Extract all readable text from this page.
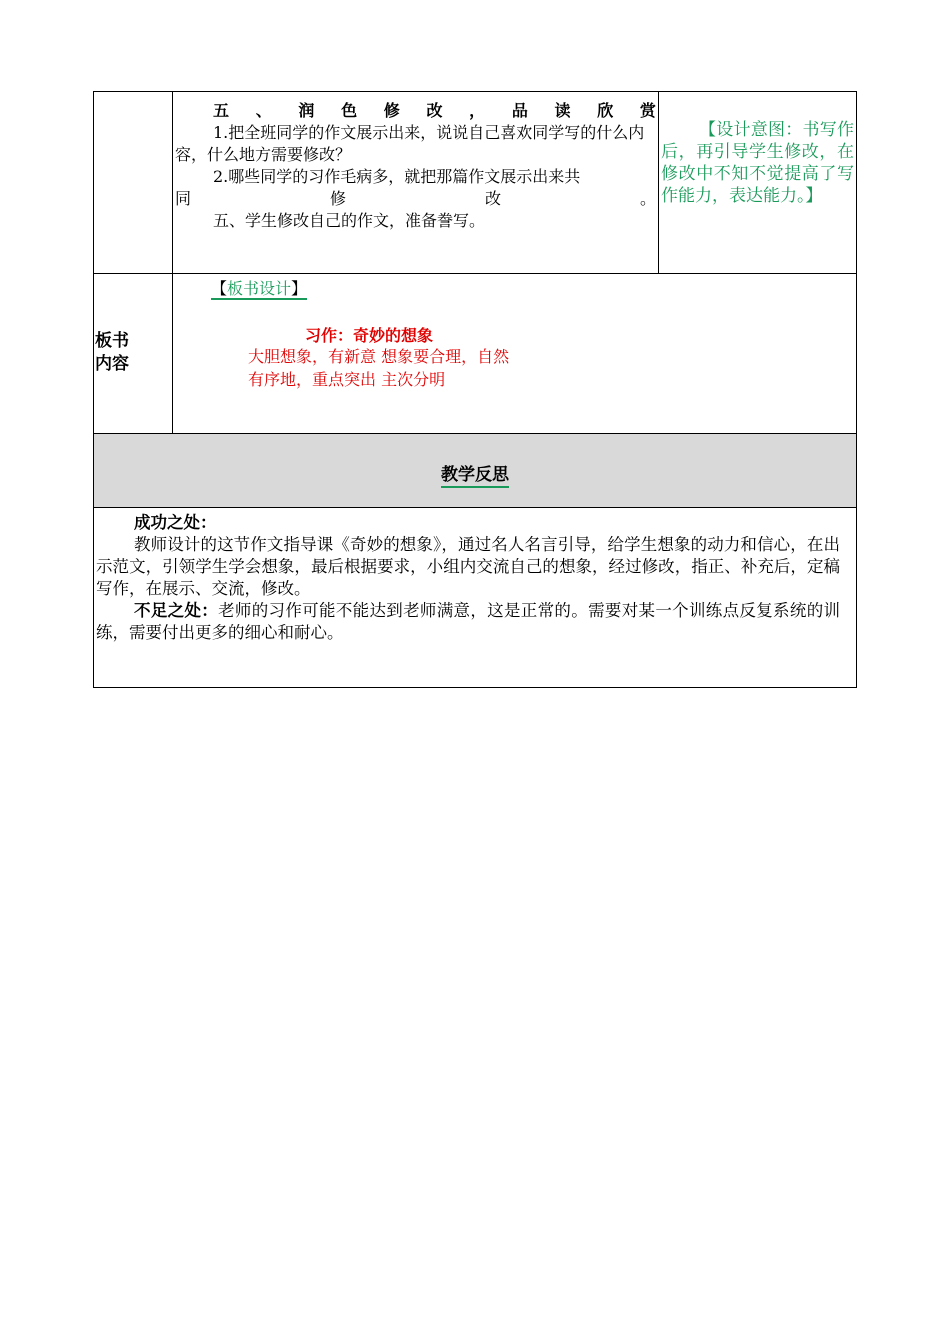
五 、 润 色 修 改 ， 品 读 欣 赏
1.把全班同学的作文展示出来，说说自己喜欢同学写的什么内容，什么地方需要修改？
2.哪些同学的习作毛病多，就把那篇作文展示出来共
同	修	改	。
五、学生修改自己的作文，准备誊写。
【设计意图：书写作后，再引导学生修改，在修改中不知不觉提高了写作能力，表达能力。】
板书
内容
【板书设计】
习作：奇妙的想象
大胆想象，有新意 想象要合理，自然
有序地，重点突出 主次分明
教学反思

成功之处：

教师设计的这节作文指导课《奇妙的想象》，通过名人名言引导，给学生想象的动力和信心，在出示范文，引领学生学会想象，最后根据要求，小组内交流自己的想象，经过修改，指正、补充后，定稿写作，在展示、交流，修改。

不足之处：老师的习作可能不能达到老师满意，这是正常的。需要对某一个训练点反复系统的训练，需要付出更多的细心和耐心。
